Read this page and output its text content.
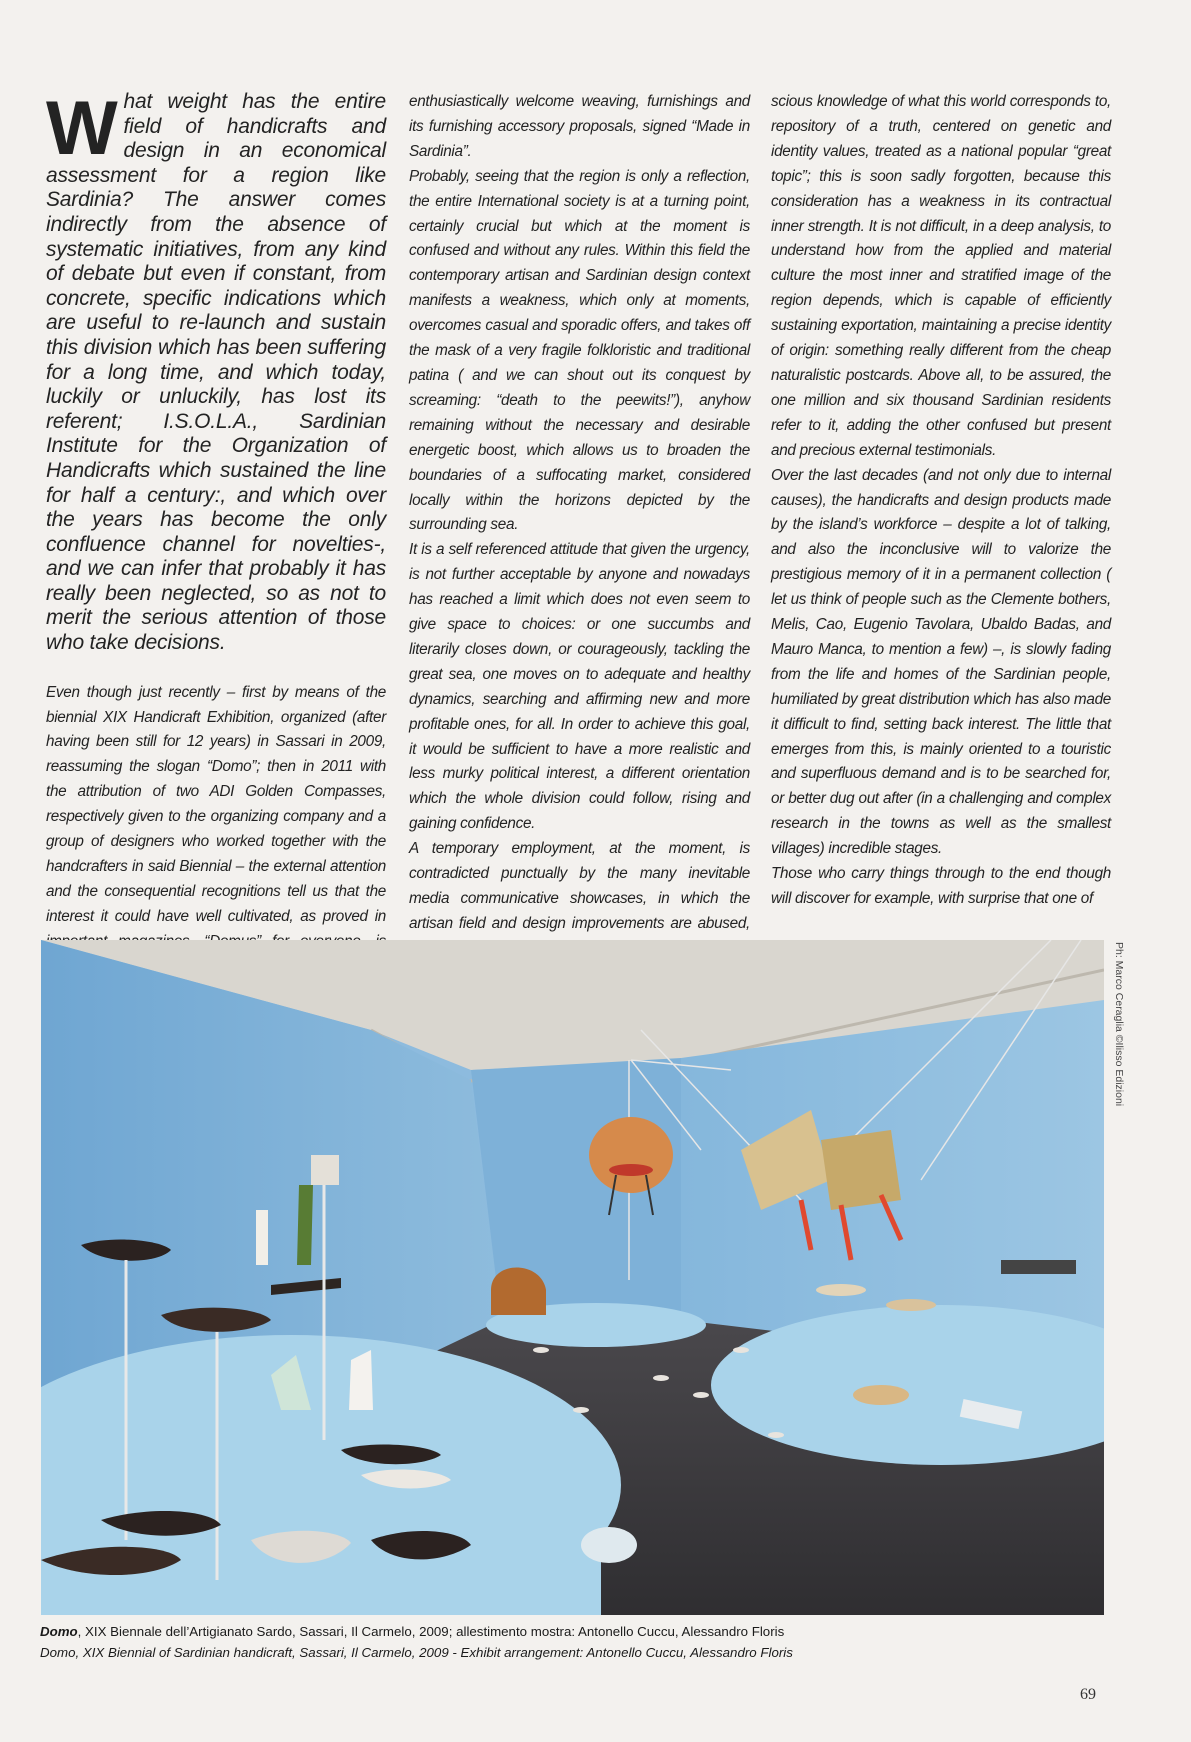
What weight has the entire field of handicrafts and design in an economical assessment for a region like Sardinia? The answer comes indirectly from the absence of systematic initiatives, from any kind of debate but even if constant, from concrete, specific indications which are useful to re-launch and sustain this division which has been suffering for a long time, and which today, luckily or unluckily, has lost its referent; I.S.O.L.A., Sardinian Institute for the Organization of Handicrafts which sustained the line for half a century:, and which over the years has become the only confluence channel for novelties-, and we can infer that probably it has really been neglected, so as not to merit the serious attention of those who take decisions.

Even though just recently – first by means of the biennial XIX Handicraft Exhibition, organized (after having been still for 12 years) in Sassari in 2009, reassuming the slogan “Domo”; then in 2011 with the attribution of two ADI Golden Compasses, respectively given to the organizing company and a group of designers who worked together with the handcrafters in said Biennial – the external attention and the consequential recognitions tell us that the interest it could have well cultivated, as proved in

enthusiastically welcome weaving, furnishings and its furnishing accessory proposals, signed “Made in Sardinia”.

Probably, seeing that the region is only a reflection, the entire International society is at a turning point, certainly crucial but which at the moment is confused and without any rules. Within this field the contemporary artisan and Sardinian design context manifests a weakness, which only at moments, overcomes casual and sporadic offers, and takes off the mask of a very fragile folkloristic and traditional patina ( and we can shout out its conquest by screaming: “death to the peewits!”), anyhow remaining without the necessary and desirable energetic boost, which allows us to broaden the boundaries of a suffocating market, considered locally within the horizons depicted by the surrounding sea.

It is a self referenced attitude that given the urgency, is not further acceptable by anyone and nowadays has reached a limit which does not even seem to give space to choices: or one succumbs and literarily closes down, or courageously, tackling the great sea, one moves on to adequate and healthy dynamics, searching and affirming new and more profitable ones, for all. In order to achieve this goal, it would be sufficient to have a more realistic and less murky political interest, a different orientation which the whole division could follow, rising and gaining confidence.

A temporary employment, at the moment, is contradicted punctually by the many inevitable media communicative showcases, in which the artisan field and design improvements are abused,

scious knowledge of what this world corresponds to, repository of a truth, centered on genetic and identity values, treated as a national popular “great topic”; this is soon sadly forgotten, because this consideration has a weakness in its contractual inner strength. It is not difficult, in a deep analysis, to understand how from the applied and material culture the most inner and stratified image of the region depends, which is capable of efficiently sustaining exportation, maintaining a precise identity of origin: something really different from the cheap naturalistic postcards. Above all, to be assured, the one million and six thousand Sardinian residents refer to it, adding the other confused but present and precious external testimonials.

Over the last decades (and not only due to internal causes), the handicrafts and design products made by the island’s workforce – despite a lot of talking, and also the inconclusive will to valorize the prestigious memory of it in a permanent collection ( let us think of people such as the Clemente bothers, Melis, Cao, Eugenio Tavolara, Ubaldo Badas, and Mauro Manca, to mention a few) –, is slowly fading from the life and homes of the Sardinian people, humiliated by great distribution which has also made it difficult to find, setting back interest. The little that emerges from this, is mainly oriented to a touristic and superfluous demand and is to be searched for, or better dug out after (in a challenging and complex research in the towns as well as the smallest villages) incredible stages.

Those who carry things through to the end though will discover for example, with surprise that one of

Ph: Marco Ceraglia ©Ilisso Edizioni
Domo, XIX Biennale dell’Artigianato Sardo, Sassari, Il Carmelo, 2009; allestimento mostra: Antonello Cuccu, Alessandro Floris
Domo, XIX Biennial of Sardinian handicraft, Sassari, Il Carmelo, 2009 - Exhibit arrangement: Antonello Cuccu, Alessandro Floris
69
